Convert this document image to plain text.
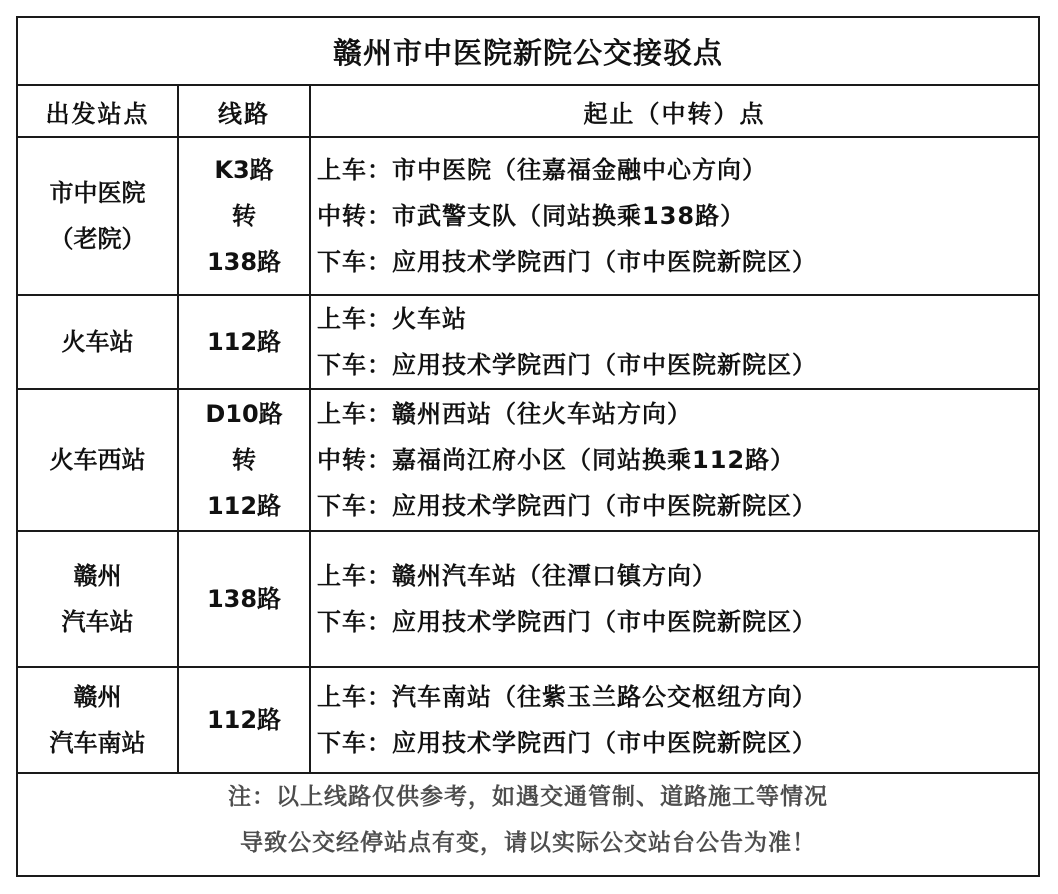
赣州市中医院新院公交接驳点		
出发站点	线路	起止（中转）点

市中医院
（老院）	K3路
转
138路	上车：市中医院（往嘉福金融中心方向）
中转：市武警支队（同站换乘138路）
下车：应用技术学院西门（市中医院新院区）

火车站	112路	上车：火车站
下车：应用技术学院西门（市中医院新院区）

火车西站	D10路
转
112路	上车：赣州西站（往火车站方向）
中转：嘉福尚江府小区（同站换乘112路）
下车：应用技术学院西门（市中医院新院区）

赣州
汽车站	138路	上车：赣州汽车站（往潭口镇方向）
下车：应用技术学院西门（市中医院新院区）

赣州
汽车南站	112路	上车：汽车南站（往紫玉兰路公交枢纽方向）
下车：应用技术学院西门（市中医院新院区）

注：以上线路仅供参考，如遇交通管制、道路施工等情况
导致公交经停站点有变，请以实际公交站台公告为准！		
